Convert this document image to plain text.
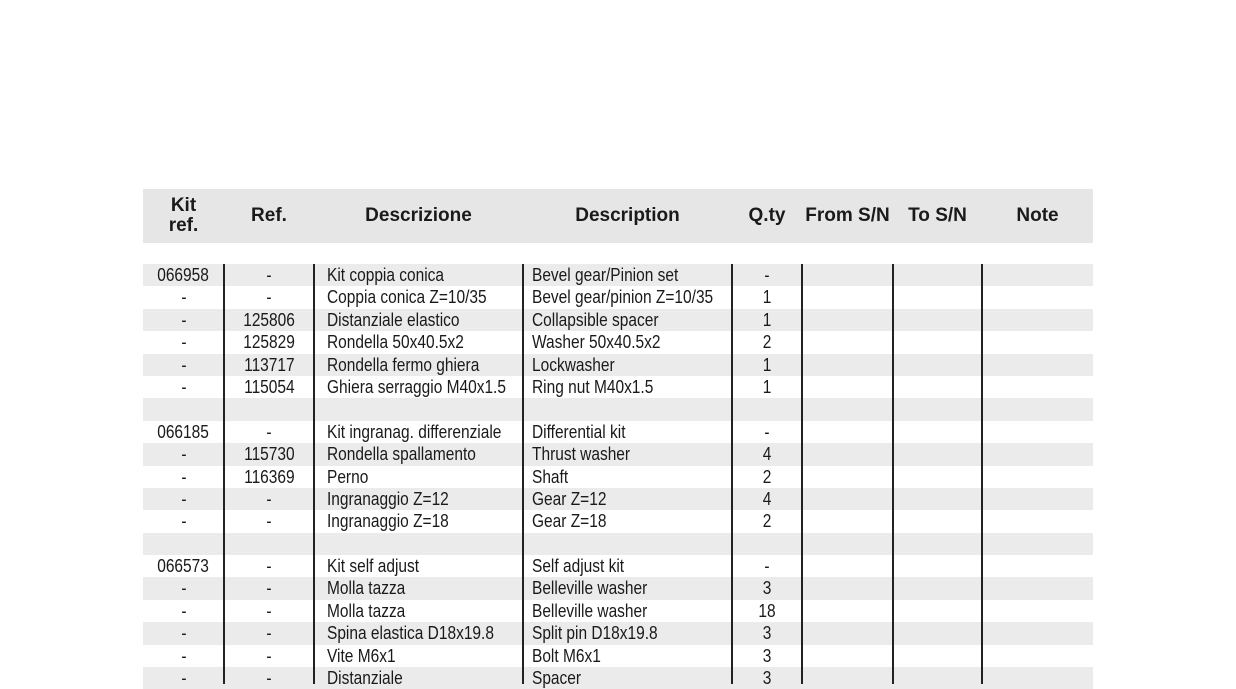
Kit ref.	Ref.	Descrizione	Description	Q.ty	From S/N To S/N	Note
066958	-	Kit coppia conica	Bevel gear/Pinion set	-
-	-	Coppia conica Z=10/35	Bevel gear/pinion Z=10/35	1
-	125806	Distanziale elastico	Collapsible spacer	1
-	125829	Rondella 50x40.5x2	Washer 50x40.5x2	2
-	113717	Rondella fermo ghiera	Lockwasher	1
-	115054	Ghiera serraggio M40x1.5	Ring nut M40x1.5	1
066185	-	Kit ingranag. differenziale	Differential kit	-
-	115730	Rondella spallamento	Thrust washer	4
-	116369	Perno	Shaft	2
-	-	Ingranaggio Z=12	Gear Z=12	4
-	-	Ingranaggio Z=18	Gear Z=18	2
066573	-	Kit self adjust	Self adjust kit	-
-	-	Molla tazza	Belleville washer	3
-	-	Molla tazza	Belleville washer	18
-	-	Spina elastica D18x19.8	Split pin D18x19.8	3
-	-	Vite M6x1	Bolt M6x1	3
-	-	Distanziale	Spacer	3
